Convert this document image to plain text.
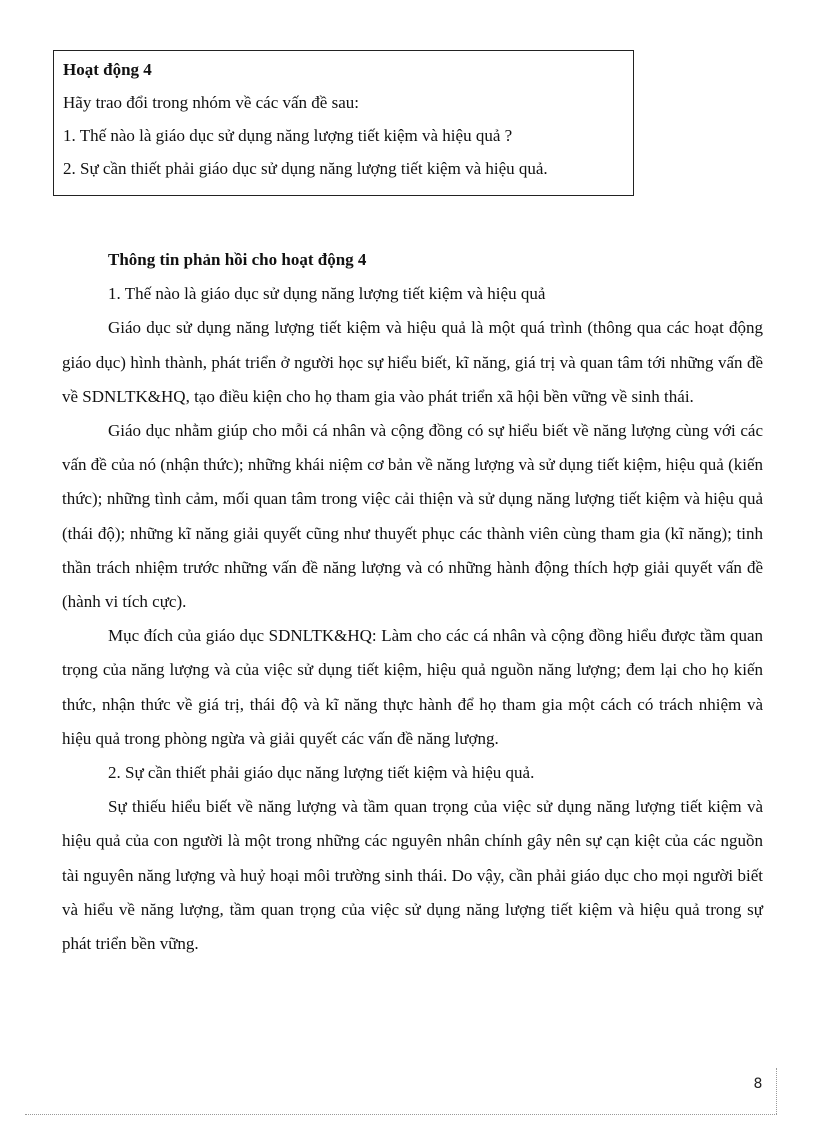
Hoạt động 4
Hãy trao đổi trong nhóm về các vấn đề sau:
1. Thế nào là giáo dục sử dụng năng lượng tiết kiệm và hiệu quả ?
2. Sự cần thiết phải giáo dục sử dụng năng lượng tiết kiệm và hiệu quả.

Thông tin phản hồi cho hoạt động 4

1. Thế nào là giáo dục sử dụng năng lượng tiết kiệm và hiệu quả

Giáo dục sử dụng năng lượng tiết kiệm và hiệu quả là một quá trình (thông qua các hoạt động giáo dục) hình thành, phát triển ở người học sự hiểu biết, kĩ năng, giá trị và quan tâm tới những vấn đề về SDNLTK&HQ, tạo điều kiện cho họ tham gia vào phát triển xã hội bền vững về sinh thái.

Giáo dục nhằm giúp cho mỗi cá nhân và cộng đồng có sự hiểu biết về năng lượng cùng với các vấn đề của nó (nhận thức); những khái niệm cơ bản về năng lượng và sử dụng tiết kiệm, hiệu quả (kiến thức); những tình cảm, mối quan tâm trong việc cải thiện và sử dụng năng lượng tiết kiệm và hiệu quả (thái độ); những kĩ năng giải quyết cũng như thuyết phục các thành viên cùng tham gia (kĩ năng); tinh thần trách nhiệm trước những vấn đề năng lượng và có những hành động thích hợp giải quyết vấn đề (hành vi tích cực).

Mục đích của giáo dục SDNLTK&HQ: Làm cho các cá nhân và cộng đồng hiểu được tầm quan trọng của năng lượng và của việc sử dụng tiết kiệm, hiệu quả nguồn năng lượng; đem lại cho họ kiến thức, nhận thức về giá trị, thái độ và kĩ năng thực hành để họ tham gia một cách có trách nhiệm và hiệu quả trong phòng ngừa và giải quyết các vấn đề năng lượng.

2. Sự cần thiết phải giáo dục năng lượng tiết kiệm và hiệu quả.

Sự thiếu hiểu biết về năng lượng và tầm quan trọng của việc sử dụng năng lượng tiết kiệm và hiệu quả của con người là một trong những các nguyên nhân chính gây nên sự cạn kiệt của các nguồn tài nguyên năng lượng và huỷ hoại môi trường sinh thái. Do vậy, cần phải giáo dục cho mọi người biết và hiểu về năng lượng, tầm quan trọng của việc sử dụng năng lượng tiết kiệm và hiệu quả trong sự phát triển bền vững.

8
